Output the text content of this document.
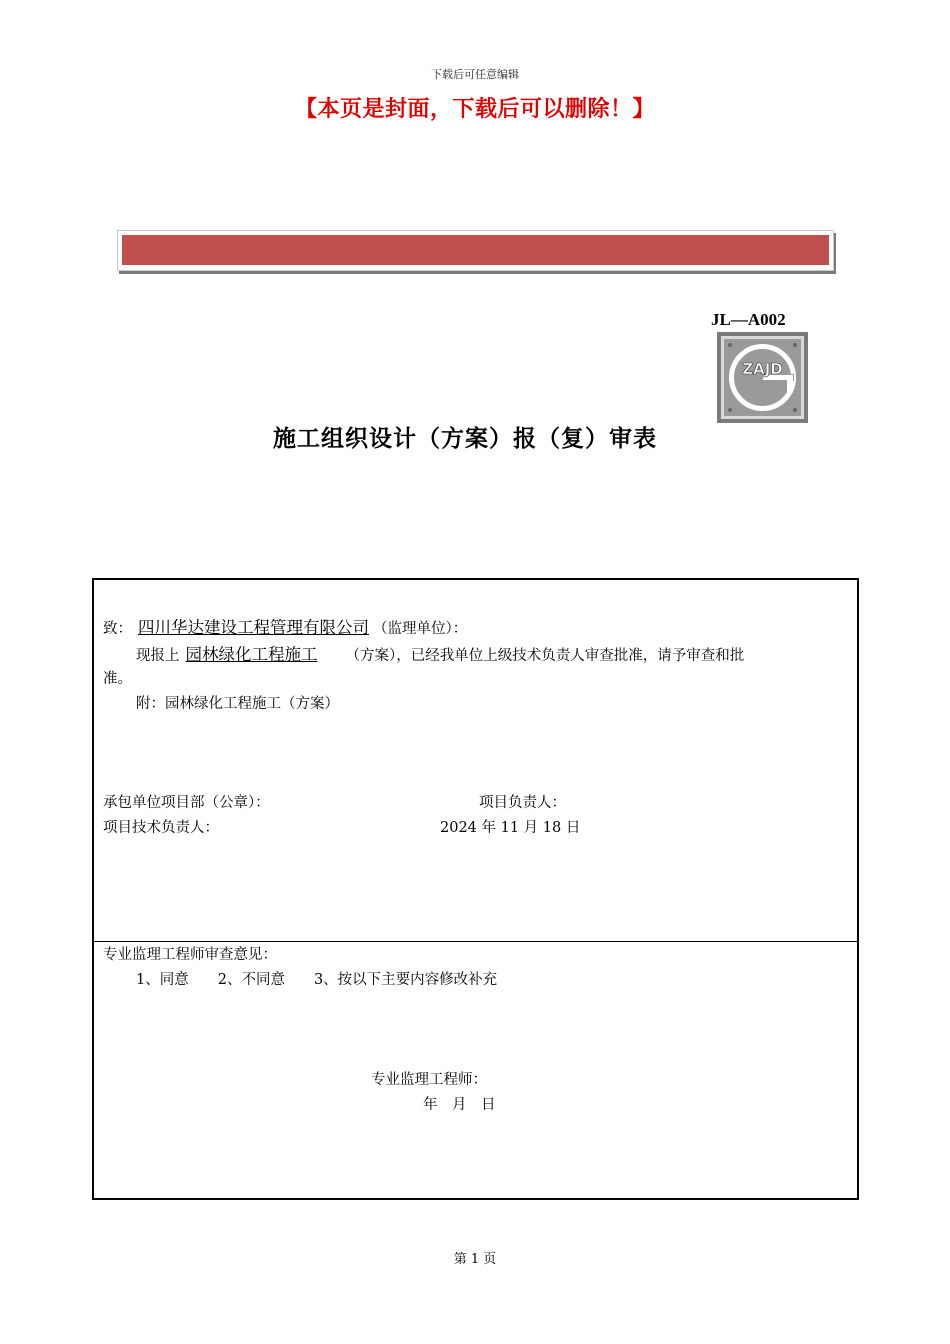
下载后可任意编辑
【本页是封面，下载后可以删除！】
JL—A002
ZAJD
施工组织设计（方案）报（复）审表
致： 四川华达建设工程管理有限公司 （监理单位）：
现报上 园林绿化工程施工 （方案），已经我单位上级技术负责人审查批准，请予审查和批
准。
附：园林绿化工程施工（方案）
承包单位项目部（公章）：	项目负责人：
项目技术负责人：	2024 年 11 月 18 日
专业监理工程师审查意见：
1、同意　　2、不同意　　3、按以下主要内容修改补充
专业监理工程师：
年　月　日
第 1 页
